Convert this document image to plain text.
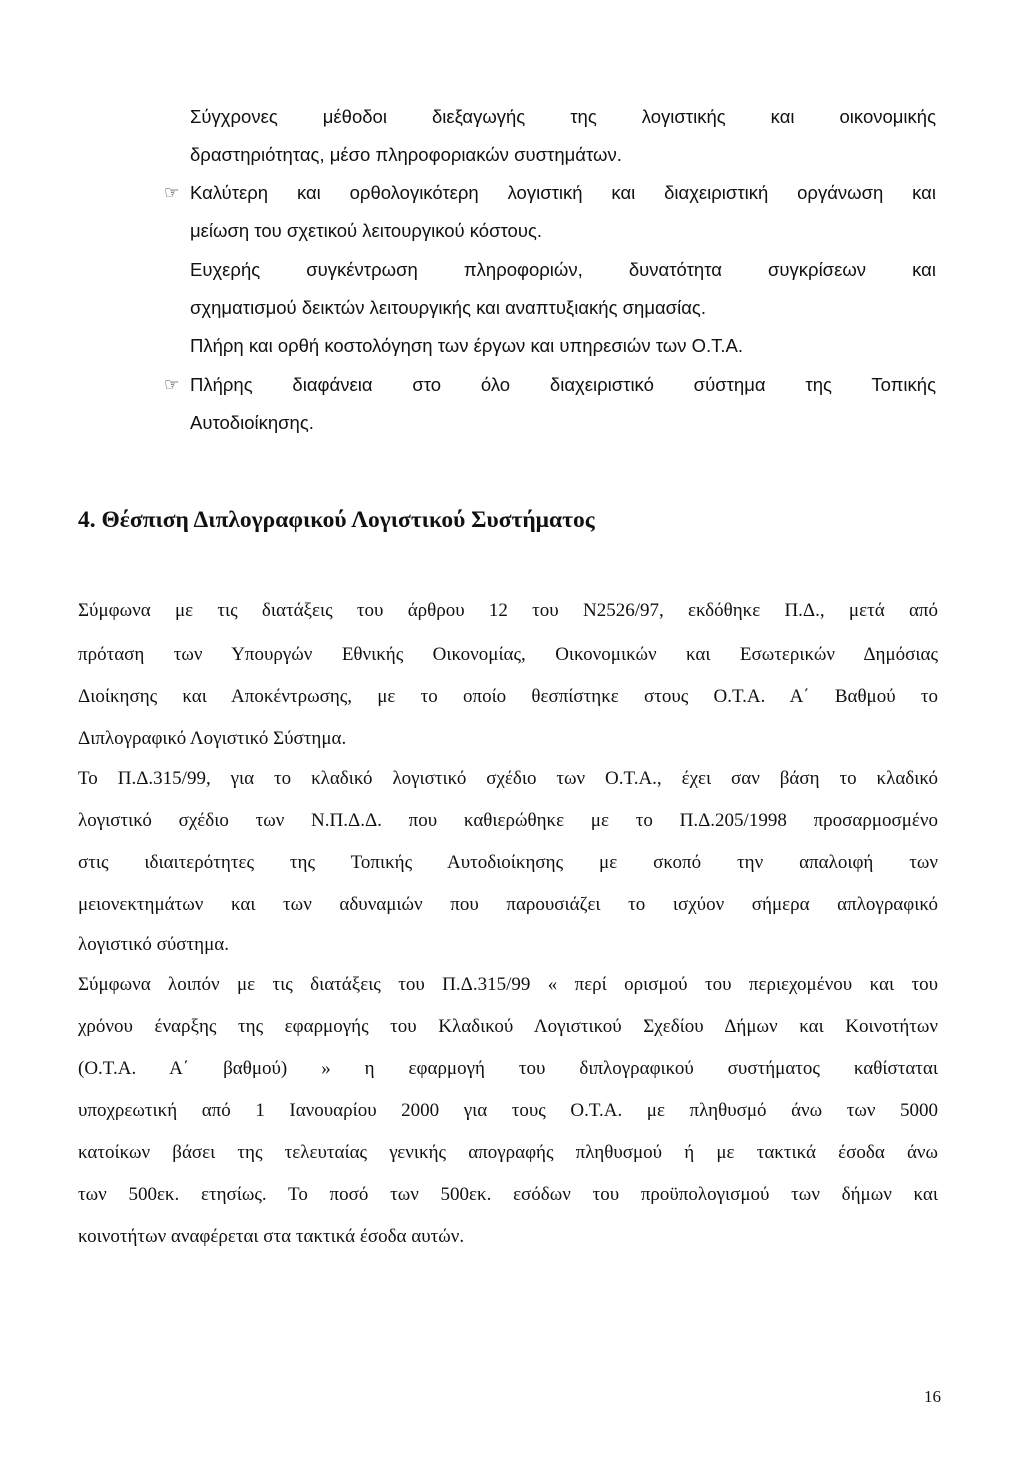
Σύγχρονες μέθοδοι διεξαγωγής της λογιστικής και οικονομικής
δραστηριότητας, μέσο πληροφοριακών συστημάτων.
☞ Καλύτερη και ορθολογικότερη λογιστική και διαχειριστική οργάνωση και
μείωση του σχετικού λειτουργικού κόστους.
Ευχερής συγκέντρωση πληροφοριών, δυνατότητα συγκρίσεων και
σχηματισμού δεικτών λειτουργικής και αναπτυξιακής σημασίας.
Πλήρη και ορθή κοστολόγηση των έργων και υπηρεσιών των Ο.Τ.Α.
☞ Πλήρης διαφάνεια στο όλο διαχειριστικό σύστημα της Τοπικής
Αυτοδιοίκησης.
4. Θέσπιση Διπλογραφικού Λογιστικού Συστήματος
Σύμφωνα με τις διατάξεις του άρθρου 12 του Ν2526/97, εκδόθηκε Π.Δ., μετά από
πρόταση των Υπουργών Εθνικής Οικονομίας, Οικονομικών και Εσωτερικών Δημόσιας
Διοίκησης και Αποκέντρωσης, με το οποίο θεσπίστηκε στους Ο.Τ.Α. Α΄ Βαθμού το
Διπλογραφικό Λογιστικό Σύστημα.
Το Π.Δ.315/99, για το κλαδικό λογιστικό σχέδιο των Ο.Τ.Α., έχει σαν βάση το κλαδικό
λογιστικό σχέδιο των Ν.Π.Δ.Δ. που καθιερώθηκε με το Π.Δ.205/1998 προσαρμοσμένο
στις ιδιαιτερότητες της Τοπικής Αυτοδιοίκησης με σκοπό την απαλοιφή των
μειονεκτημάτων και των αδυναμιών που παρουσιάζει το ισχύον σήμερα απλογραφικό
λογιστικό σύστημα.
Σύμφωνα λοιπόν με τις διατάξεις του Π.Δ.315/99 « περί ορισμού του περιεχομένου και του
χρόνου έναρξης της εφαρμογής του Κλαδικού Λογιστικού Σχεδίου Δήμων και Κοινοτήτων
(Ο.Τ.Α. Α΄ βαθμού) » η εφαρμογή του διπλογραφικού συστήματος καθίσταται
υποχρεωτική από 1 Ιανουαρίου 2000 για τους Ο.Τ.Α. με πληθυσμό άνω των 5000
κατοίκων βάσει της τελευταίας γενικής απογραφής πληθυσμού ή με τακτικά έσοδα άνω
των 500εκ. ετησίως. Το ποσό των 500εκ. εσόδων του προϋπολογισμού των δήμων και
κοινοτήτων αναφέρεται στα τακτικά έσοδα αυτών.
16
